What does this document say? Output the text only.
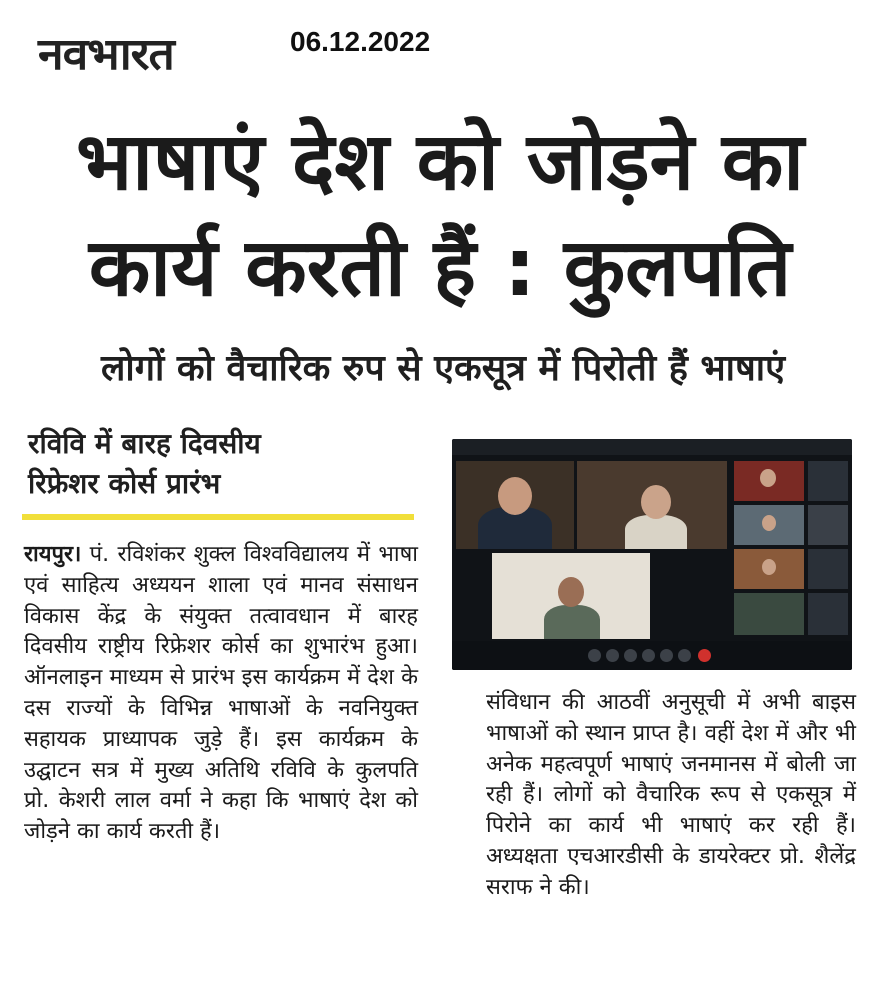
नवभारत	06.12.2022
भाषाएं देश को जोड़ने का
कार्य करती हैं : कुलपति
लोगों को वैचारिक रुप से एकसूत्र में पिरोती हैं भाषाएं
रविवि में बारह दिवसीय
रिफ्रेशर कोर्स प्रारंभ

रायपुर। पं. रविशंकर शुक्ल विश्वविद्यालय में भाषा एवं साहित्य अध्ययन शाला एवं मानव संसाधन विकास केंद्र के संयुक्त तत्वावधान में बारह दिवसीय राष्ट्रीय रिफ्रेशर कोर्स का शुभारंभ हुआ। ऑनलाइन माध्यम से प्रारंभ इस कार्यक्रम में देश के दस राज्यों के विभिन्न भाषाओं के नवनियुक्त सहायक प्राध्यापक जुड़े हैं। इस कार्यक्रम के उद्घाटन सत्र में मुख्य अतिथि रविवि के कुलपति प्रो. केशरी लाल वर्मा ने कहा कि भाषाएं देश को जोड़ने का कार्य करती हैं।

संविधान की आठवीं अनुसूची में अभी बाइस भाषाओं को स्थान प्राप्त है। वहीं देश में और भी अनेक महत्वपूर्ण भाषाएं जनमानस में बोली जा रही हैं। लोगों को वैचारिक रूप से एकसूत्र में पिरोने का कार्य भी भाषाएं कर रही हैं। अध्यक्षता एचआरडीसी के डायरेक्टर प्रो. शैलेंद्र सराफ ने की।
